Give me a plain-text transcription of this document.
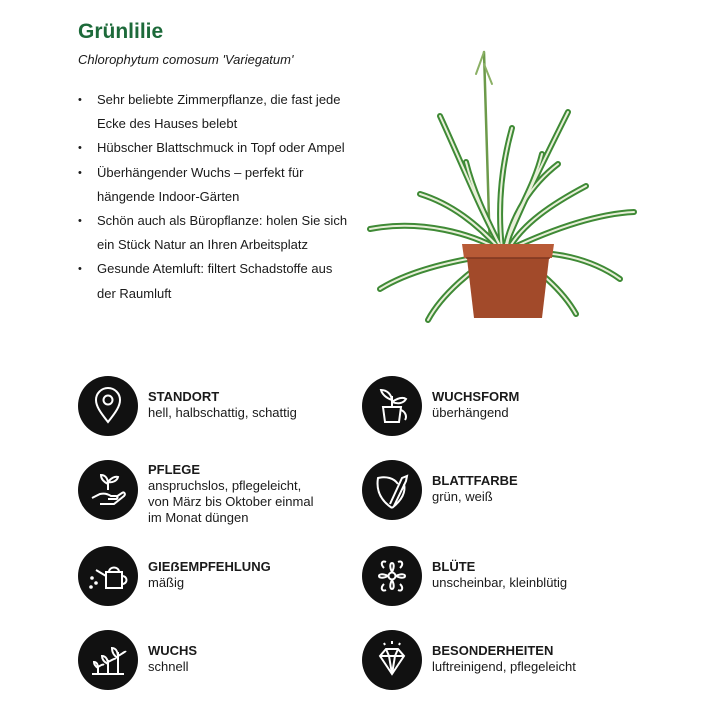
Grünlilie
Chlorophytum comosum 'Variegatum'
• Sehr beliebte Zimmerpflanze, die fast jede
Ecke des Hauses belebt
• Hübscher Blattschmuck in Topf oder Ampel
• Überhängender Wuchs – perfekt für
hängende Indoor-Gärten
• Schön auch als Büropflanze: holen Sie sich
ein Stück Natur an Ihren Arbeitsplatz
• Gesunde Atemluft: filtert Schadstoffe aus
der Raumluft
STANDORT
hell, halbschattig, schattig
WUCHSFORM
überhängend
PFLEGE
anspruchslos, pflegeleicht,
von März bis Oktober einmal
im Monat düngen
BLATTFARBE
grün, weiß
GIEẞEMPFEHLUNG
mäßig
BLÜTE
unscheinbar, kleinblütig
WUCHS
schnell
BESONDERHEITEN
luftreinigend, pflegeleicht
